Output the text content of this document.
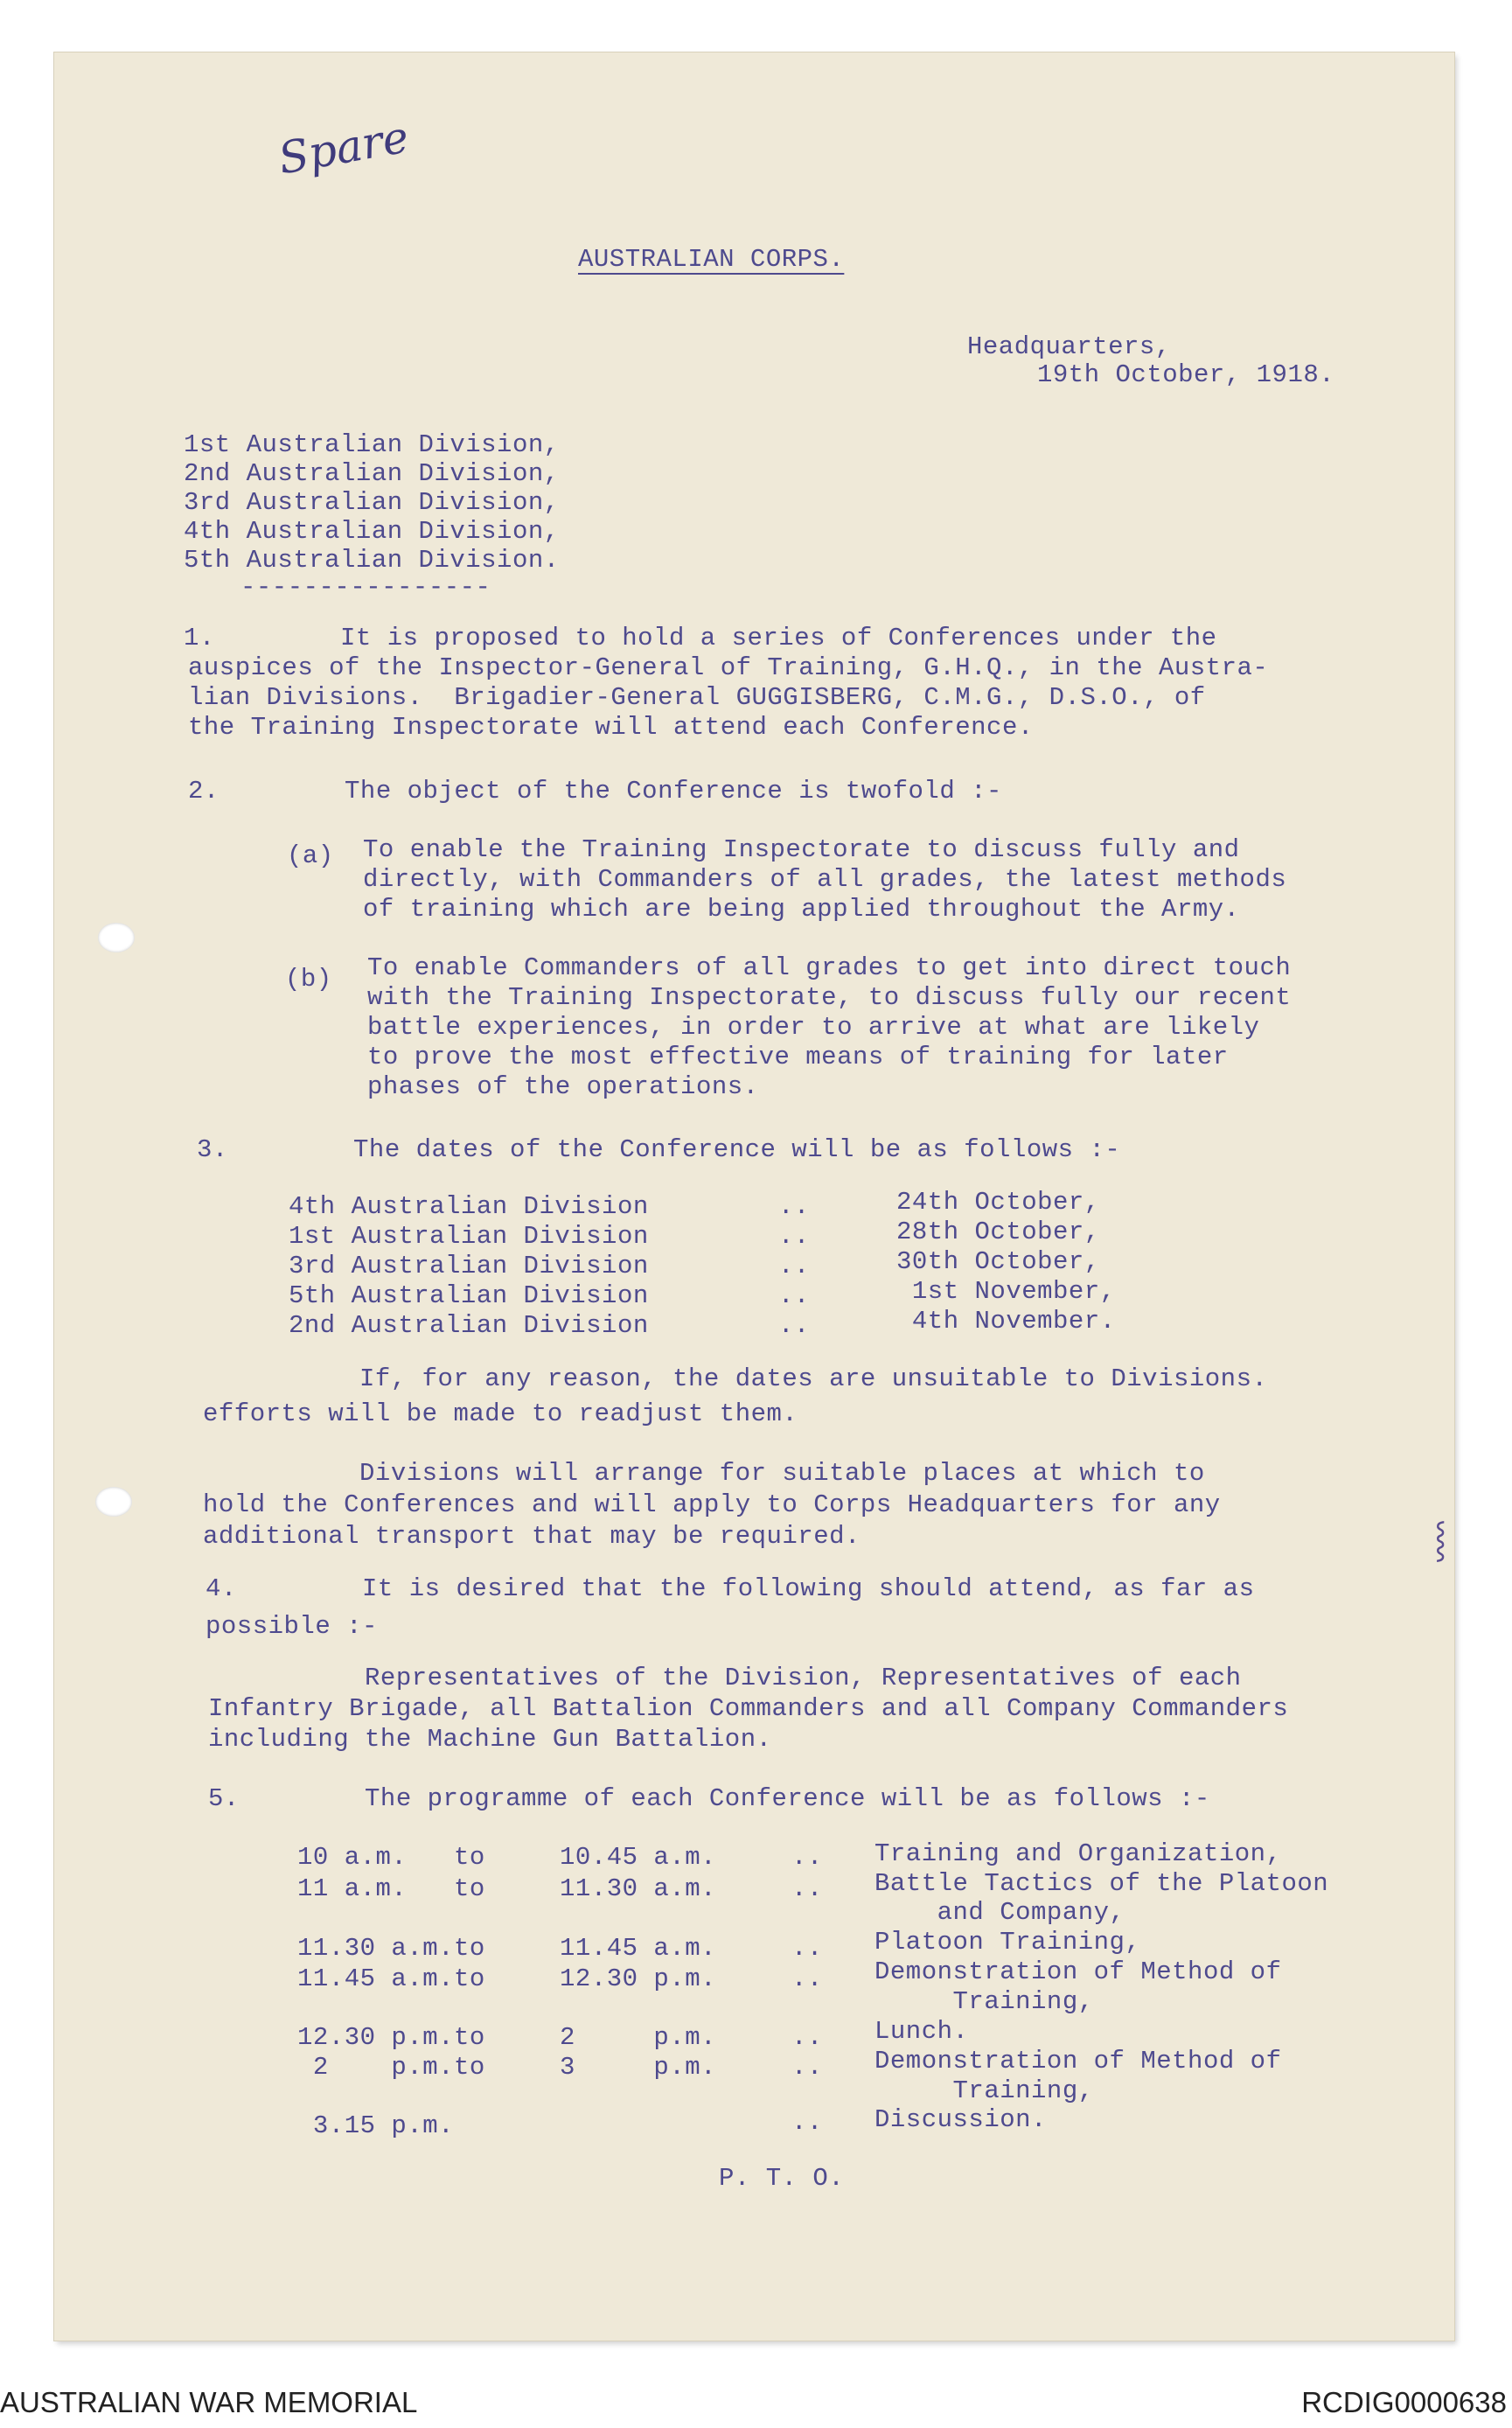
Spare
AUSTRALIAN CORPS.
Headquarters,
19th October, 1918.
1st Australian Division,
2nd Australian Division,
3rd Australian Division,
4th Australian Division,
5th Australian Division.
----------------
1.        It is proposed to hold a series of Conferences under the
auspices of the Inspector-General of Training, G.H.Q., in the Austra-
lian Divisions.  Brigadier-General GUGGISBERG, C.M.G., D.S.O., of
the Training Inspectorate will attend each Conference.
2.        The object of the Conference is twofold :-
(a) To enable the Training Inspectorate to discuss fully and
directly, with Commanders of all grades, the latest methods
of training which are being applied throughout the Army.
(b) To enable Commanders of all grades to get into direct touch
with the Training Inspectorate, to discuss fully our recent
battle experiences, in order to arrive at what are likely
to prove the most effective means of training for later
phases of the operations.
3.        The dates of the Conference will be as follows :-
4th Australian Division	..	24th October,
1st Australian Division	..	28th October,
3rd Australian Division	..	30th October,
5th Australian Division	..	1st November,
2nd Australian Division	..	4th November.
If, for any reason, the dates are unsuitable to Divisions.
efforts will be made to readjust them.
Divisions will arrange for suitable places at which to
hold the Conferences and will apply to Corps Headquarters for any
additional transport that may be required.
4.        It is desired that the following should attend, as far as
possible :-
Representatives of the Division, Representatives of each
Infantry Brigade, all Battalion Commanders and all Company Commanders
including the Machine Gun Battalion.
5.        The programme of each Conference will be as follows :-
10 a.m.   to	10.45 a.m.	.. Training and Organization,
11 a.m.   to	11.30 a.m.	.. Battle Tactics of the Platoon
and Company,
11.30 a.m.to	11.45 a.m.	.. Platoon Training,
11.45 a.m.to	12.30 p.m.	.. Demonstration of Method of
Training,
12.30 p.m.to	2     p.m.	.. Lunch.
2    p.m.to	3     p.m.	.. Demonstration of Method of
Training,
3.15 p.m.	.. Discussion.
P. T. O.
⸾
AUSTRALIAN WAR MEMORIAL	RCDIG0000638
